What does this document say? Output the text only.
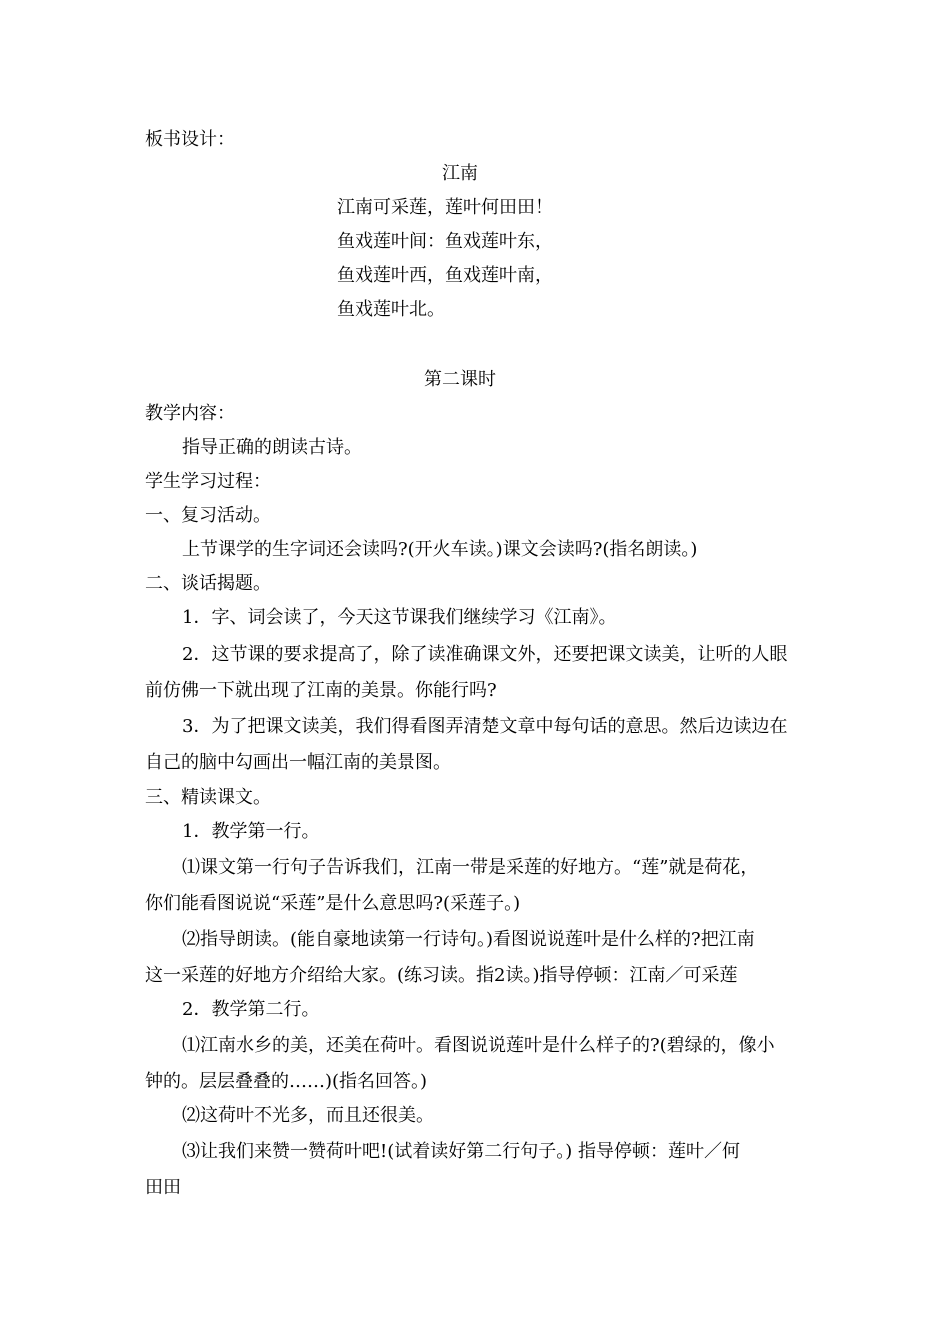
板书设计：
江南
江南可采莲，莲叶何田田！
鱼戏莲叶间：鱼戏莲叶东，
鱼戏莲叶西，鱼戏莲叶南，
鱼戏莲叶北。
第二课时
教学内容：
指导正确的朗读古诗。
学生学习过程：
一、复习活动。
上节课学的生字词还会读吗?(开火车读。)课文会读吗?(指名朗读。)
二、谈话揭题。
1．字、词会读了，今天这节课我们继续学习《江南》。
2．这节课的要求提高了，除了读准确课文外，还要把课文读美，让听的人眼
前仿佛一下就出现了江南的美景。你能行吗?
3．为了把课文读美，我们得看图弄清楚文章中每句话的意思。然后边读边在
自己的脑中勾画出一幅江南的美景图。
三、精读课文。
1．教学第一行。
⑴课文第一行句子告诉我们，江南一带是采莲的好地方。“莲”就是荷花，
你们能看图说说“采莲”是什么意思吗?(采莲子。)
⑵指导朗读。(能自豪地读第一行诗句。)看图说说莲叶是什么样的?把江南
这一采莲的好地方介绍给大家。(练习读。指2读。)指导停顿：江南／可采莲
2．教学第二行。
⑴江南水乡的美，还美在荷叶。看图说说莲叶是什么样子的?(碧绿的，像小
钟的。层层叠叠的……)(指名回答。)
⑵这荷叶不光多，而且还很美。
⑶让我们来赞一赞荷叶吧!(试着读好第二行句子。) 指导停顿：莲叶／何
田田
